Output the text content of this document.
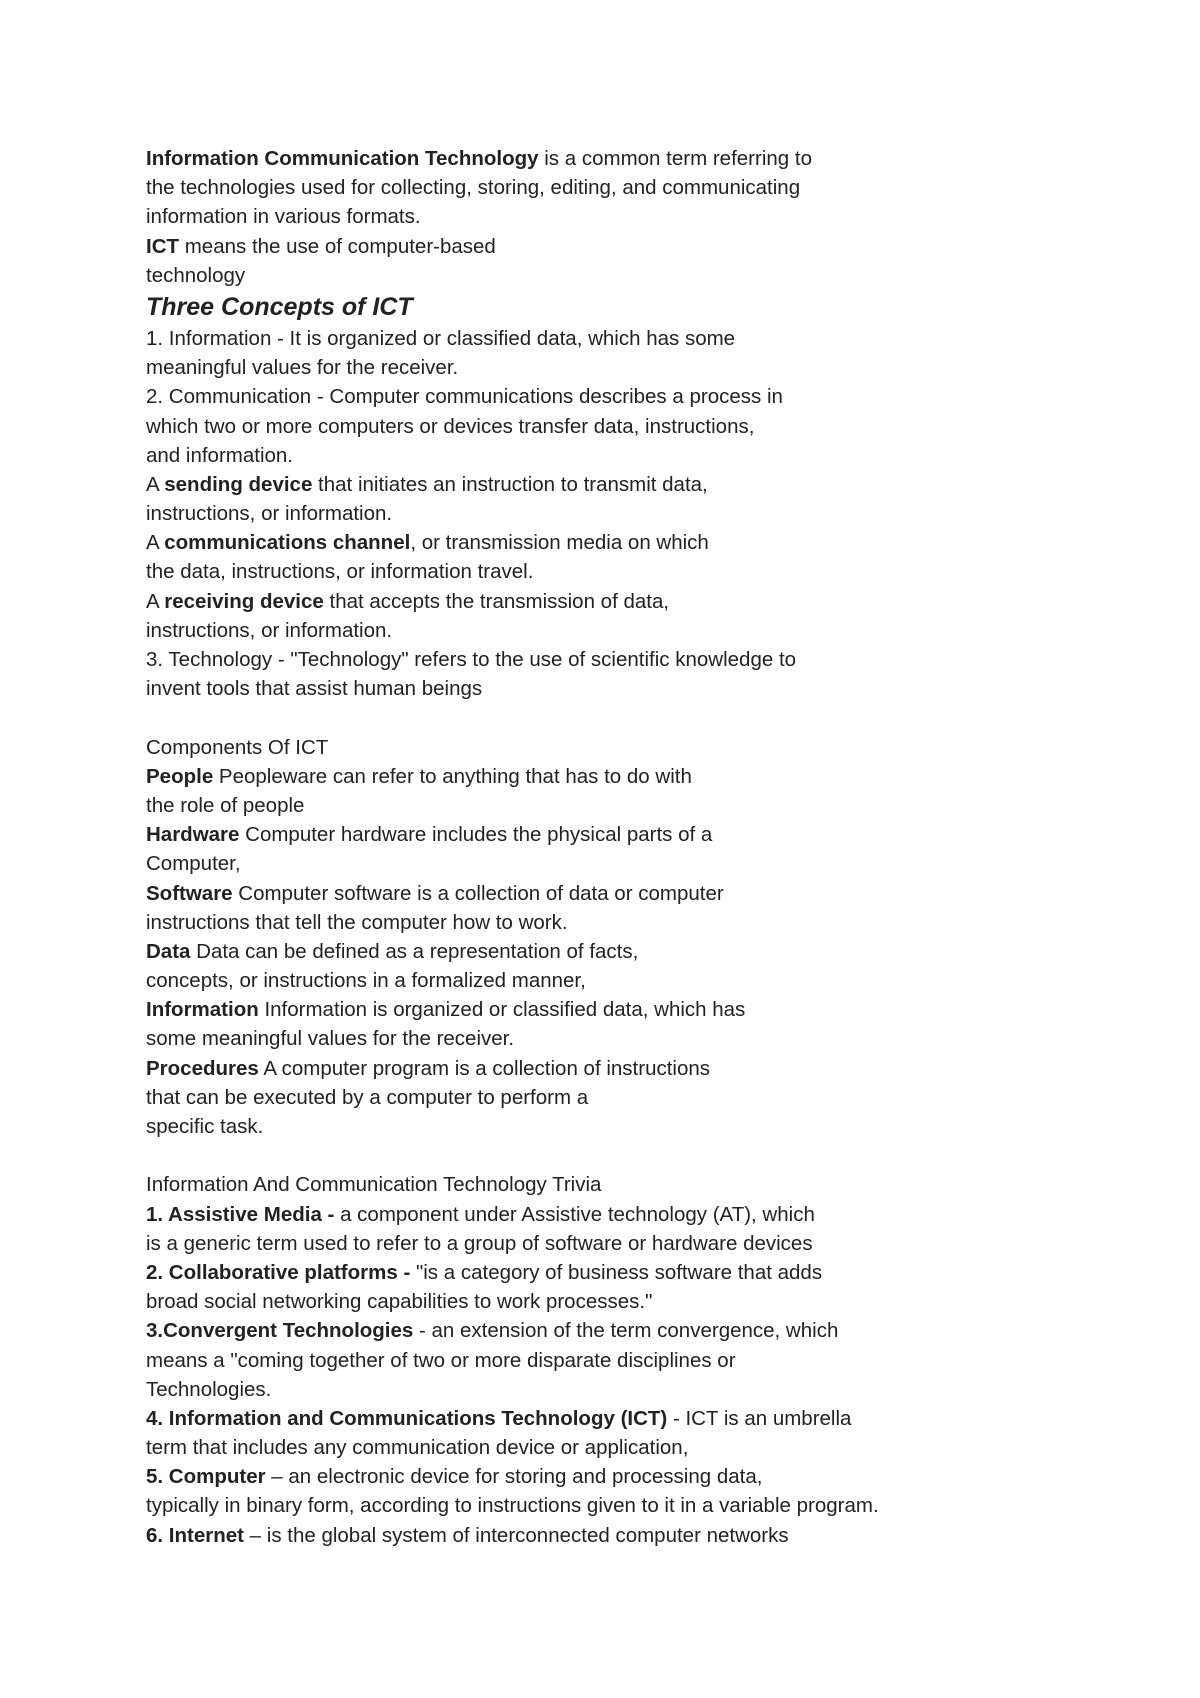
Information Communication Technology is a common term referring to
the technologies used for collecting, storing, editing, and communicating
information in various formats.
ICT means the use of computer-based
technology
Three Concepts of ICT
1. Information - It is organized or classified data, which has some
meaningful values for the receiver.
2. Communication - Computer communications describes a process in
which two or more computers or devices transfer data, instructions,
and information.
A sending device that initiates an instruction to transmit data,
instructions, or information.
A communications channel, or transmission media on which
the data, instructions, or information travel.
A receiving device that accepts the transmission of data,
instructions, or information.
3. Technology - "Technology" refers to the use of scientific knowledge to
invent tools that assist human beings
Components Of ICT
People Peopleware can refer to anything that has to do with
the role of people
Hardware Computer hardware includes the physical parts of a
Computer,
Software Computer software is a collection of data or computer
instructions that tell the computer how to work.
Data Data can be defined as a representation of facts,
concepts, or instructions in a formalized manner,
Information Information is organized or classified data, which has
some meaningful values for the receiver.
Procedures A computer program is a collection of instructions
that can be executed by a computer to perform a
specific task.
Information And Communication Technology Trivia
1. Assistive Media - a component under Assistive technology (AT), which
is a generic term used to refer to a group of software or hardware devices
2. Collaborative platforms - "is a category of business software that adds
broad social networking capabilities to work processes."
3.Convergent Technologies - an extension of the term convergence, which
means a "coming together of two or more disparate disciplines or
Technologies.
4. Information and Communications Technology (ICT) - ICT is an umbrella
term that includes any communication device or application,
5. Computer – an electronic device for storing and processing data,
typically in binary form, according to instructions given to it in a variable program.
6. Internet – is the global system of interconnected computer networks
